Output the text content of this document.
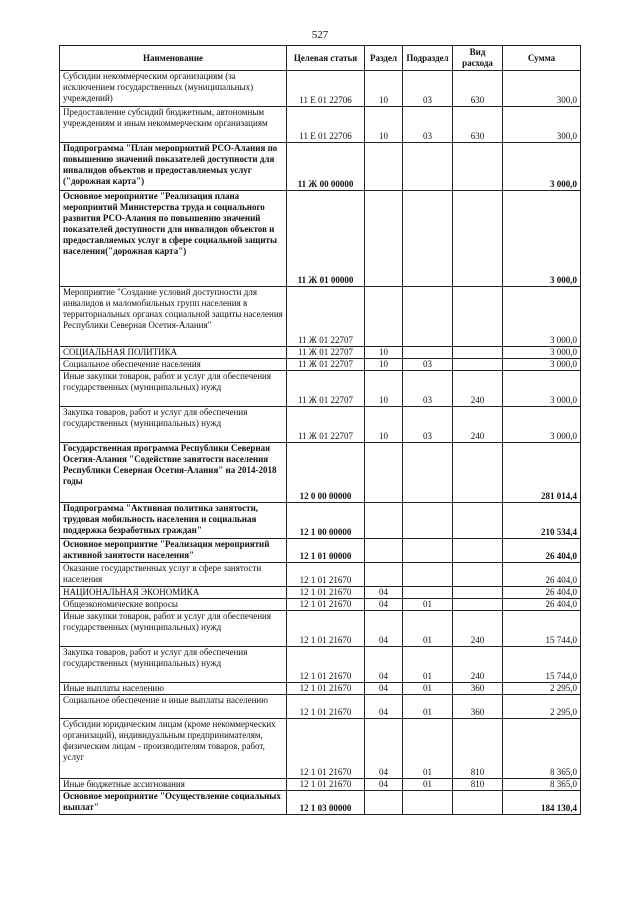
527
Наименование	Целевая статья	Раздел	Подраздел	Вид расхода	Сумма
Субсидии некоммерческим организациям (за исключением государственных (муниципальных) учреждений)	11 Е 01 22706	10	03	630	300,0
Предоставление субсидий бюджетным, автономным учреждениям и иным некоммерческим организациям	11 Е 01 22706	10	03	630	300,0
Подпрограмма "План мероприятий РСО-Алания по повышению значений показателей доступности для инвалидов объектов и предоставляемых услуг ("дорожная карта")	11 Ж 00 00000				3 000,0
Основное мероприятие "Реализация плана мероприятий Министерства труда и социального развития РСО-Алания по повышению значений показателей доступности для инвалидов объектов и предоставляемых услуг в сфере социальной защиты населения("дорожная карта")	11 Ж 01 00000				3 000,0
Мероприятие "Создание условий доступности для инвалидов и маломобильных групп населения в территориальных органах социальной защиты населения Республики Северная Осетия-Алания"	11 Ж 01 22707				3 000,0
СОЦИАЛЬНАЯ ПОЛИТИКА	11 Ж 01 22707	10			3 000,0
Социальное обеспечение населения	11 Ж 01 22707	10	03		3 000,0
Иные закупки товаров, работ и услуг для обеспечения государственных (муниципальных) нужд	11 Ж 01 22707	10	03	240	3 000,0
Закупка товаров, работ и услуг для обеспечения государственных (муниципальных) нужд	11 Ж 01 22707	10	03	240	3 000,0
Государственная программа Республики Северная Осетия-Алания "Содействие занятости населения Республики Северная Осетия-Алания" на 2014-2018 годы	12 0 00 00000				281 014,4
Подпрограмма "Активная политика занятости, трудовая мобильность населения и социальная поддержка безработных граждан"	12 1 00 00000				210 534,4
Основное мероприятие "Реализация мероприятий активной занятости населения"	12 1 01 00000				26 404,0
Оказание государственных услуг в сфере занятости населения	12 1 01 21670				26 404,0
НАЦИОНАЛЬНАЯ ЭКОНОМИКА	12 1 01 21670	04			26 404,0
Общеэкономические вопросы	12 1 01 21670	04	01		26 404,0
Иные закупки товаров, работ и услуг для обеспечения государственных (муниципальных) нужд	12 1 01 21670	04	01	240	15 744,0
Закупка товаров, работ и услуг для обеспечения государственных (муниципальных) нужд	12 1 01 21670	04	01	240	15 744,0
Иные выплаты населению	12 1 01 21670	04	01	360	2 295,0
Социальное обеспечение и иные выплаты населению	12 1 01 21670	04	01	360	2 295,0
Субсидии юридическим лицам (кроме некоммерческих организаций), индивидуальным предпринимателям, физическим лицам - производителям товаров, работ, услуг	12 1 01 21670	04	01	810	8 365,0
Иные бюджетные ассигнования	12 1 01 21670	04	01	810	8 365,0
Основное мероприятие "Осуществление социальных выплат"	12 1 03 00000				184 130,4
